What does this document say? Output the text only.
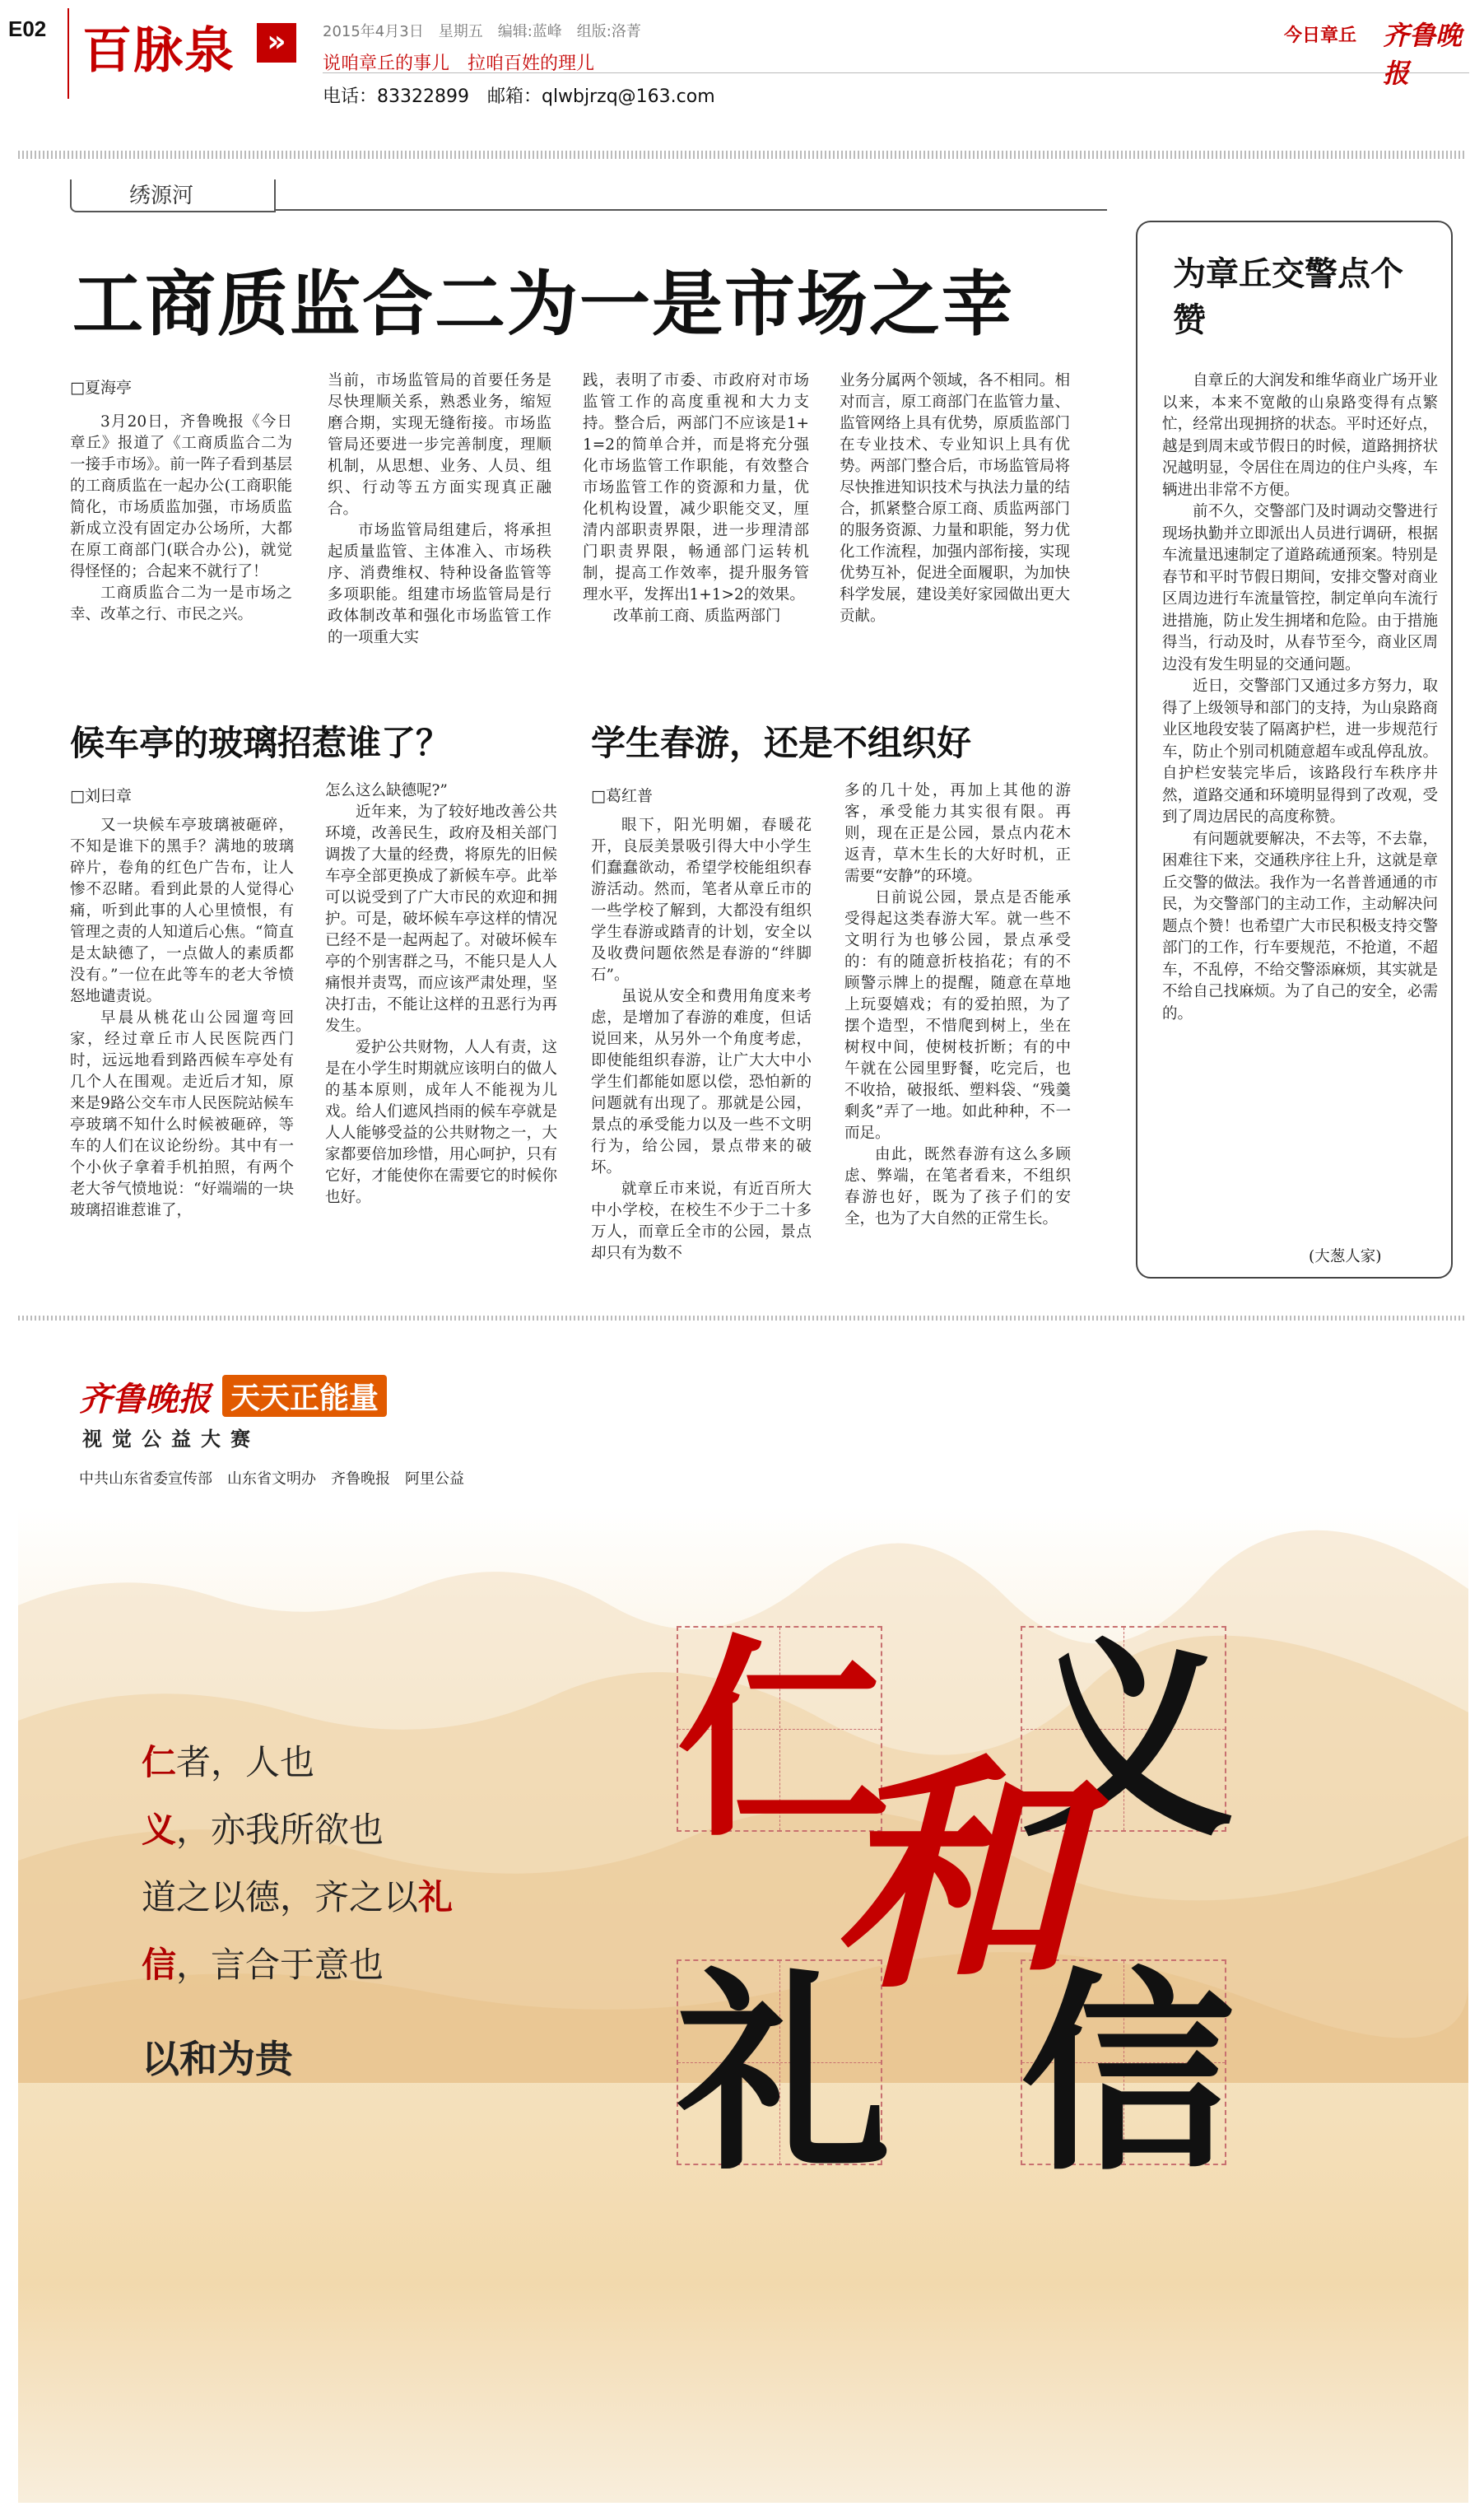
E02 百脉泉	»	2015年4月3日　星期五　编辑:蓝峰　组版:洛菁
说咱章丘的事儿　拉咱百姓的理儿
电话：83322899　邮箱：qlwbjrzq@163.com
今日章丘 齐鲁晚报
绣源河
工商质监合二为一是市场之幸
□夏海亭

3月20日，齐鲁晚报《今日章丘》报道了《工商质监合二为一接手市场》。前一阵子看到基层的工商质监在一起办公(工商职能简化，市场质监加强，市场质监新成立没有固定办公场所，大都在原工商部门(联合办公)，就觉得怪怪的；合起来不就行了！

工商质监合二为一是市场之幸、改革之行、市民之兴。

当前，市场监管局的首要任务是尽快理顺关系，熟悉业务，缩短磨合期，实现无缝衔接。市场监管局还要进一步完善制度，理顺机制，从思想、业务、人员、组织、行动等五方面实现真正融合。

市场监管局组建后，将承担起质量监管、主体准入、市场秩序、消费维权、特种设备监管等多项职能。组建市场监管局是行政体制改革和强化市场监管工作的一项重大实

践，表明了市委、市政府对市场监管工作的高度重视和大力支持。整合后，两部门不应该是1+1=2的简单合并，而是将充分强化市场监管工作职能，有效整合市场监管工作的资源和力量，优化机构设置，减少职能交叉，厘清内部职责界限，进一步理清部门职责界限，畅通部门运转机制，提高工作效率，提升服务管理水平，发挥出1+1>2的效果。

改革前工商、质监两部门

业务分属两个领域，各不相同。相对而言，原工商部门在监管力量、监管网络上具有优势，原质监部门在专业技术、专业知识上具有优势。两部门整合后，市场监管局将尽快推进知识技术与执法力量的结合，抓紧整合原工商、质监两部门的服务资源、力量和职能，努力优化工作流程，加强内部衔接，实现优势互补，促进全面履职，为加快科学发展，建设美好家园做出更大贡献。

候车亭的玻璃招惹谁了？
□刘曰章

又一块候车亭玻璃被砸碎，不知是谁下的黑手？满地的玻璃碎片，卷角的红色广告布，让人惨不忍睹。看到此景的人觉得心痛，听到此事的人心里愤恨，有管理之责的人知道后心焦。“简直是太缺德了，一点做人的素质都没有。”一位在此等车的老大爷愤怒地谴责说。

早晨从桃花山公园遛弯回家，经过章丘市人民医院西门时，远远地看到路西候车亭处有几个人在围观。走近后才知，原来是9路公交车市人民医院站候车亭玻璃不知什么时候被砸碎，等车的人们在议论纷纷。其中有一个小伙子拿着手机拍照，有两个老大爷气愤地说：“好端端的一块玻璃招谁惹谁了，

怎么这么缺德呢?”

近年来，为了较好地改善公共环境，改善民生，政府及相关部门调拨了大量的经费，将原先的旧候车亭全部更换成了新候车亭。此举可以说受到了广大市民的欢迎和拥护。可是，破坏候车亭这样的情况已经不是一起两起了。对破坏候车亭的个别害群之马，不能只是人人痛恨并责骂，而应该严肃处理，坚决打击，不能让这样的丑恶行为再发生。

爱护公共财物，人人有责，这是在小学生时期就应该明白的做人的基本原则，成年人不能视为儿戏。给人们遮风挡雨的候车亭就是人人能够受益的公共财物之一，大家都要倍加珍惜，用心呵护，只有它好，才能使你在需要它的时候你也好。

学生春游，还是不组织好
□葛红普

眼下，阳光明媚，春暖花开，良辰美景吸引得大中小学生们蠢蠢欲动，希望学校能组织春游活动。然而，笔者从章丘市的一些学校了解到，大都没有组织学生春游或踏青的计划，安全以及收费问题依然是春游的“绊脚石”。

虽说从安全和费用角度来考虑，是增加了春游的难度，但话说回来，从另外一个角度考虑，即使能组织春游，让广大大中小学生们都能如愿以偿，恐怕新的问题就有出现了。那就是公园，景点的承受能力以及一些不文明行为，给公园，景点带来的破坏。

就章丘市来说，有近百所大中小学校，在校生不少于二十多万人，而章丘全市的公园，景点却只有为数不

多的几十处，再加上其他的游客，承受能力其实很有限。再则，现在正是公园，景点内花木返青，草木生长的大好时机，正需要“安静”的环境。

日前说公园，景点是否能承受得起这类春游大军。就一些不文明行为也够公园，景点承受的：有的随意折枝掐花；有的不顾警示牌上的提醒，随意在草地上玩耍嬉戏；有的爱拍照，为了摆个造型，不惜爬到树上，坐在树杈中间，使树枝折断；有的中午就在公园里野餐，吃完后，也不收拾，破报纸、塑料袋、“残羹剩炙”弄了一地。如此种种，不一而足。

由此，既然春游有这么多顾虑、弊端，在笔者看来，不组织春游也好，既为了孩子们的安全，也为了大自然的正常生长。

为章丘交警点个赞

自章丘的大润发和维华商业广场开业以来，本来不宽敞的山泉路变得有点繁忙，经常出现拥挤的状态。平时还好点，越是到周末或节假日的时候，道路拥挤状况越明显，令居住在周边的住户头疼，车辆进出非常不方便。

前不久，交警部门及时调动交警进行现场执勤并立即派出人员进行调研，根据车流量迅速制定了道路疏通预案。特别是春节和平时节假日期间，安排交警对商业区周边进行车流量管控，制定单向车流行进措施，防止发生拥堵和危险。由于措施得当，行动及时，从春节至今，商业区周边没有发生明显的交通问题。

近日，交警部门又通过多方努力，取得了上级领导和部门的支持，为山泉路商业区地段安装了隔离护栏，进一步规范行车，防止个别司机随意超车或乱停乱放。自护栏安装完毕后，该路段行车秩序井然，道路交通和环境明显得到了改观，受到了周边居民的高度称赞。

有问题就要解决，不去等，不去靠，困难往下来，交通秩序往上升，这就是章丘交警的做法。我作为一名普普通通的市民，为交警部门的主动工作，主动解决问题点个赞！也希望广大市民积极支持交警部门的工作，行车要规范，不抢道，不超车，不乱停，不给交警添麻烦，其实就是不给自己找麻烦。为了自己的安全，必需的。

(大葱人家)
齐鲁晚报 天天正能量
视觉公益大赛
中共山东省委宣传部　山东省文明办　齐鲁晚报　阿里公益
仁者，人也
义，亦我所欲也
道之以德，齐之以礼
信，言合于意也
以和为贵
仁 义
礼 信
和
